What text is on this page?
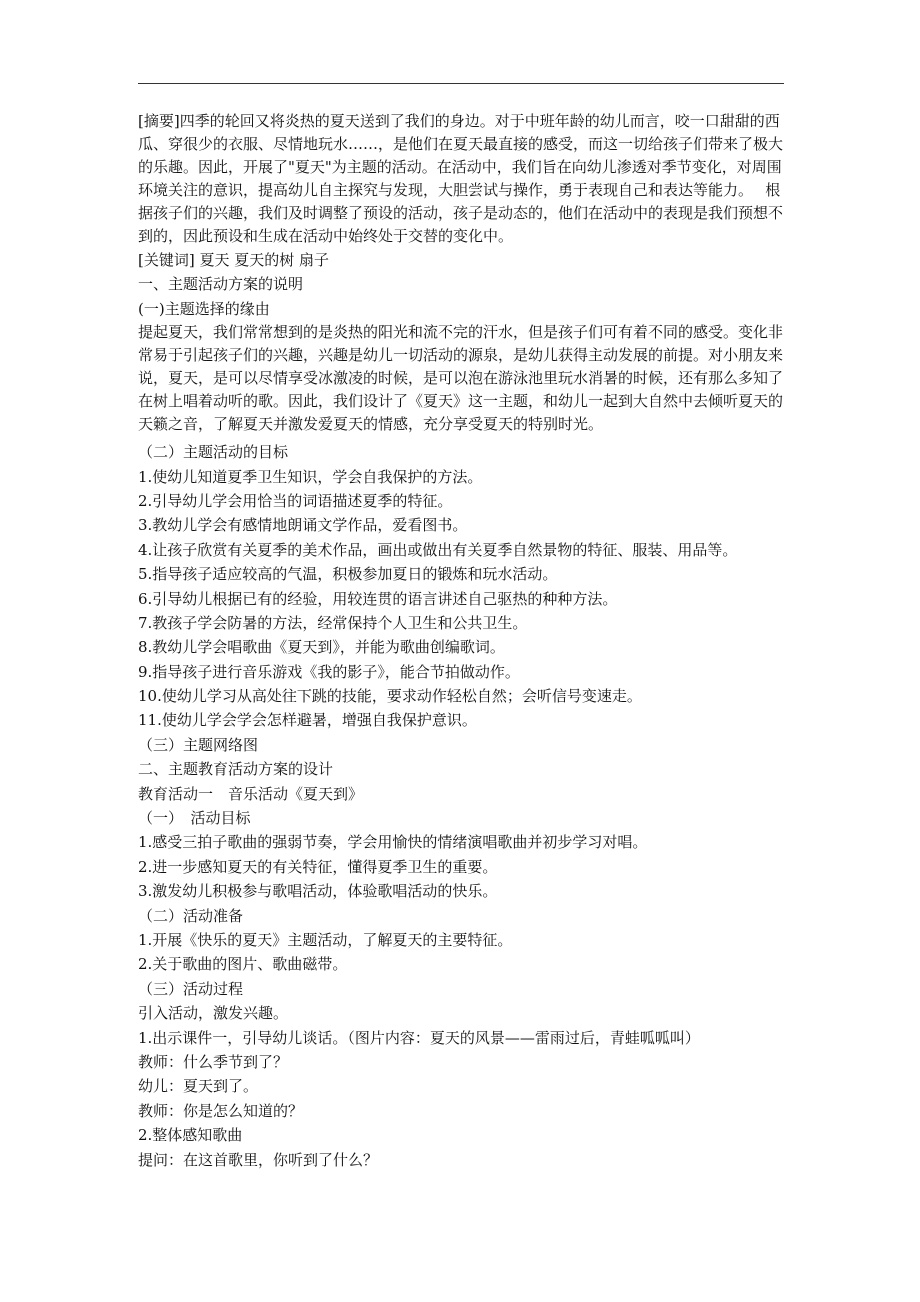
[摘要]四季的轮回又将炎热的夏天送到了我们的身边。对于中班年龄的幼儿而言，咬一口甜甜的西瓜、穿很少的衣服、尽情地玩水……，是他们在夏天最直接的感受，而这一切给孩子们带来了极大的乐趣。因此，开展了"夏天"为主题的活动。在活动中，我们旨在向幼儿渗透对季节变化，对周围环境关注的意识，提高幼儿自主探究与发现，大胆尝试与操作，勇于表现自己和表达等能力。　 根据孩子们的兴趣，我们及时调整了预设的活动，孩子是动态的，他们在活动中的表现是我们预想不到的，因此预设和生成在活动中始终处于交替的变化中。

[关键词] 夏天 夏天的树 扇子

一、主题活动方案的说明

(一)主题选择的缘由

提起夏天，我们常常想到的是炎热的阳光和流不完的汗水，但是孩子们可有着不同的感受。变化非常易于引起孩子们的兴趣，兴趣是幼儿一切活动的源泉，是幼儿获得主动发展的前提。对小朋友来说，夏天，是可以尽情享受冰激凌的时候，是可以泡在游泳池里玩水消暑的时候，还有那么多知了在树上唱着动听的歌。因此，我们设计了《夏天》这一主题，和幼儿一起到大自然中去倾听夏天的天籁之音，了解夏天并激发爱夏天的情感，充分享受夏天的特别时光。

（二）主题活动的目标

1.使幼儿知道夏季卫生知识，学会自我保护的方法。

2.引导幼儿学会用恰当的词语描述夏季的特征。

3.教幼儿学会有感情地朗诵文学作品，爱看图书。

4.让孩子欣赏有关夏季的美术作品，画出或做出有关夏季自然景物的特征、服装、用品等。

5.指导孩子适应较高的气温，积极参加夏日的锻炼和玩水活动。

6.引导幼儿根据已有的经验，用较连贯的语言讲述自己驱热的种种方法。

7.教孩子学会防暑的方法，经常保持个人卫生和公共卫生。

8.教幼儿学会唱歌曲《夏天到》，并能为歌曲创编歌词。

9.指导孩子进行音乐游戏《我的影子》，能合节拍做动作。

10.使幼儿学习从高处往下跳的技能，要求动作轻松自然；会听信号变速走。

11.使幼儿学会学会怎样避暑，增强自我保护意识。

（三）主题网络图

二、主题教育活动方案的设计

教育活动一　音乐活动《夏天到》

（一）　活动目标

1.感受三拍子歌曲的强弱节奏，学会用愉快的情绪演唱歌曲并初步学习对唱。

2.进一步感知夏天的有关特征，懂得夏季卫生的重要。

3.激发幼儿积极参与歌唱活动，体验歌唱活动的快乐。

（二）活动准备

1.开展《快乐的夏天》主题活动，了解夏天的主要特征。

2.关于歌曲的图片、歌曲磁带。

（三）活动过程

引入活动，激发兴趣。

1.出示课件一，引导幼儿谈话。（图片内容：夏天的风景——雷雨过后，青蛙呱呱叫）

教师：什么季节到了？

幼儿：夏天到了。

教师：你是怎么知道的？

2.整体感知歌曲

提问：在这首歌里，你听到了什么？
